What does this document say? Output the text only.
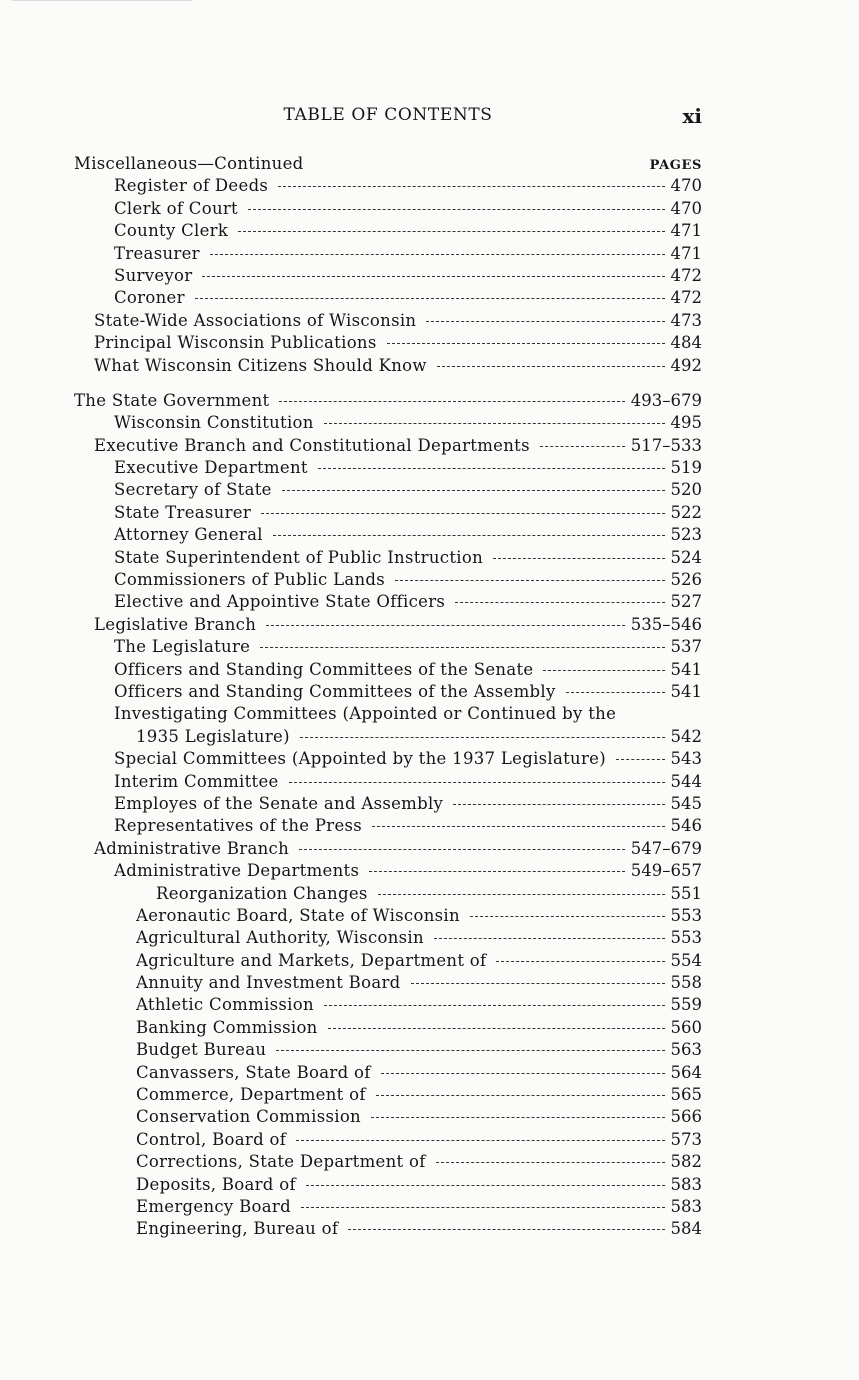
TABLE OF CONTENTS	xi
Miscellaneous—Continued	PAGES
Register of Deeds	470
Clerk of Court	470
County Clerk	471
Treasurer	471
Surveyor	472
Coroner	472
State-Wide Associations of Wisconsin	473
Principal Wisconsin Publications	484
What Wisconsin Citizens Should Know	492
The State Government	493–679
Wisconsin Constitution	495
Executive Branch and Constitutional Departments	517–533
Executive Department	519
Secretary of State	520
State Treasurer	522
Attorney General	523
State Superintendent of Public Instruction	524
Commissioners of Public Lands	526
Elective and Appointive State Officers	527
Legislative Branch	535–546
The Legislature	537
Officers and Standing Committees of the Senate	541
Officers and Standing Committees of the Assembly	541
Investigating Committees (Appointed or Continued by the
1935 Legislature)	542
Special Committees (Appointed by the 1937 Legislature)	543
Interim Committee	544
Employes of the Senate and Assembly	545
Representatives of the Press	546
Administrative Branch	547–679
Administrative Departments	549–657
Reorganization Changes	551
Aeronautic Board, State of Wisconsin	553
Agricultural Authority, Wisconsin	553
Agriculture and Markets, Department of	554
Annuity and Investment Board	558
Athletic Commission	559
Banking Commission	560
Budget Bureau	563
Canvassers, State Board of	564
Commerce, Department of	565
Conservation Commission	566
Control, Board of	573
Corrections, State Department of	582
Deposits, Board of	583
Emergency Board	583
Engineering, Bureau of	584
